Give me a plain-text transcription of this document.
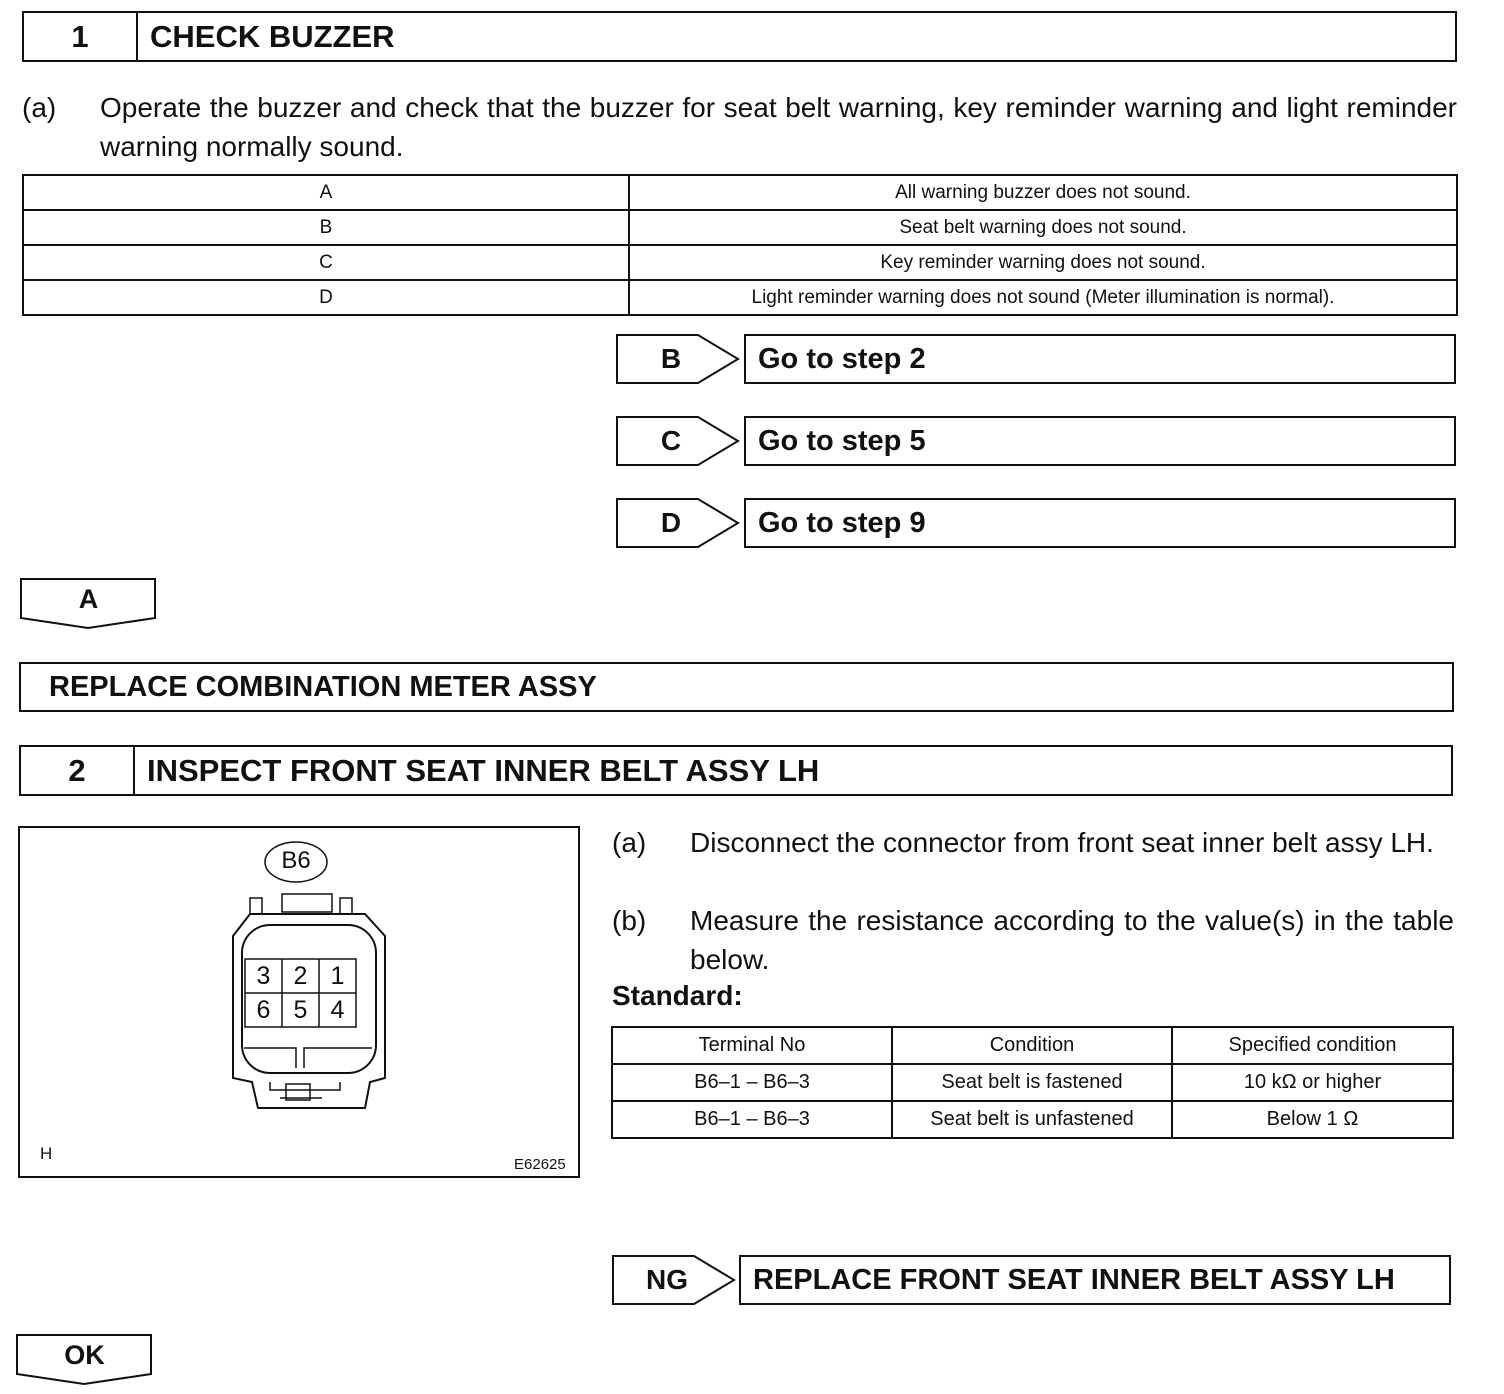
1	CHECK BUZZER
(a) Operate the buzzer and check that the buzzer for seat belt warning, key reminder warning and light reminder warning normally sound.
A	All warning buzzer does not sound.
B	Seat belt warning does not sound.
C	Key reminder warning does not sound.
D	Light reminder warning does not sound (Meter illumination is normal).
B	Go to step 2
C	Go to step 5
D	Go to step 9
A
REPLACE COMBINATION METER ASSY
2	INSPECT FRONT SEAT INNER BELT ASSY LH
B6
3 2 1
6 5 4
H
E62625
(a) Disconnect the connector from front seat inner belt assy LH.
(b) Measure the resistance according to the value(s) in the table below.
Standard:
Terminal No	Condition	Specified condition
B6–1 – B6–3	Seat belt is fastened	10 kΩ or higher
B6–1 – B6–3	Seat belt is unfastened	Below 1 Ω
NG	REPLACE FRONT SEAT INNER BELT ASSY LH
OK
